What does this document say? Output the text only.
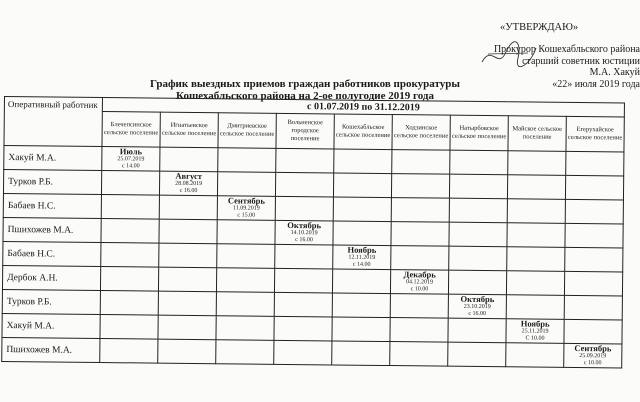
«УТВЕРЖДАЮ»
Прокурор Кошехабльского района
старший советник юстиции
М.А. Хакуй
«22» июля 2019 года
График выездных приемов граждан работников прокуратуры
Кошехабльского района на 2-ое полугодие 2019 года
Оперативный работник	с 01.07.2019 по 31.12.2019								
	Блечепсинское сельское поселение	Игнатьевское сельское поселение	Дмитриевское сельское поселение	Вольненское городское поселение	Кошехабльское сельское поселение	Ходзинское сельское поселение	Натырбовское сельское поселение	Майское сельское поселение	Егерухайское сельское поселение
Хакуй М.А.	Июль
25.07.2019
с 14.00								

Турков Р.Б.		Август
28.08.2019
с 16.00							

Бабаев Н.С.			Сентябрь
11.09.2019
с 15.00						

Пшихожев М.А.				Октябрь
14.10.2019
с 16.00					

Бабаев Н.С.					Ноябрь
12.11.2019
с 14.00				

Дербок А.Н.						Декабрь
04.12.2019
с 10.00			

Турков Р.Б.							Октябрь
23.10.2019
с 16.00		

Хакуй М.А.								Ноябрь
25.11.2019
С 10.00	

Пшихожев М.А.									Сентябрь
25.09.2019
с 10.00
